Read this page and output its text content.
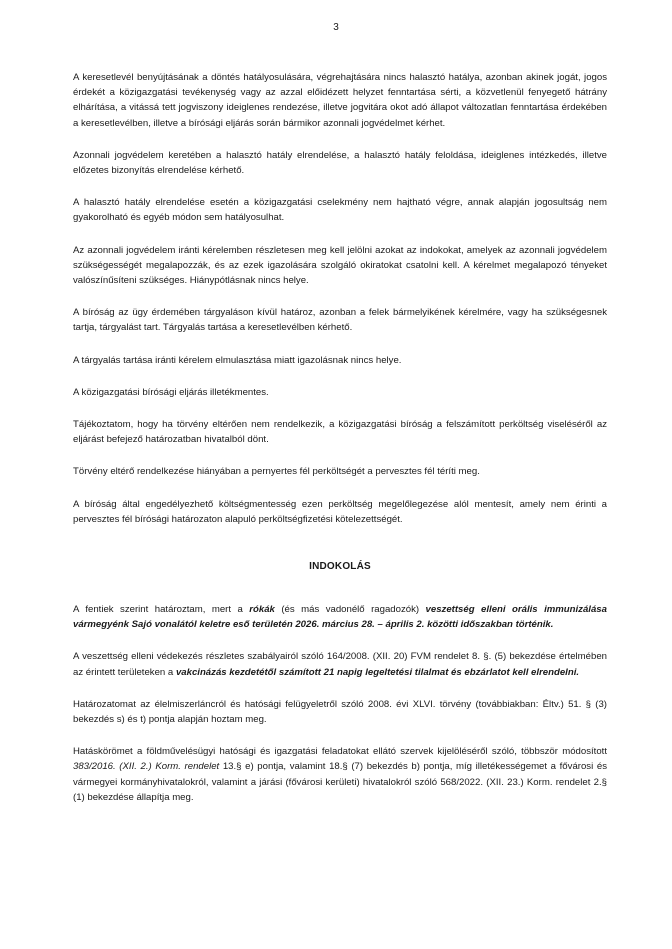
3

A keresetlevél benyújtásának a döntés hatályosulására, végrehajtására nincs halasztó hatálya, azonban akinek jogát, jogos érdekét a közigazgatási tevékenység vagy az azzal előidézett helyzet fenntartása sérti, a közvetlenül fenyegető hátrány elhárítása, a vitássá tett jogviszony ideiglenes rendezése, illetve jogvitára okot adó állapot változatlan fenntartása érdekében a keresetlevélben, illetve a bírósági eljárás során bármikor azonnali jogvédelmet kérhet.

Azonnali jogvédelem keretében a halasztó hatály elrendelése, a halasztó hatály feloldása, ideiglenes intézkedés, illetve előzetes bizonyítás elrendelése kérhető.

A halasztó hatály elrendelése esetén a közigazgatási cselekmény nem hajtható végre, annak alapján jogosultság nem gyakorolható és egyéb módon sem hatályosulhat.

Az azonnali jogvédelem iránti kérelemben részletesen meg kell jelölni azokat az indokokat, amelyek az azonnali jogvédelem szükségességét megalapozzák, és az ezek igazolására szolgáló okiratokat csatolni kell. A kérelmet megalapozó tényeket valószínűsíteni szükséges. Hiánypótlásnak nincs helye.

A bíróság az ügy érdemében tárgyaláson kívül határoz, azonban a felek bármelyikének kérelmére, vagy ha szükségesnek tartja, tárgyalást tart. Tárgyalás tartása a keresetlevélben kérhető.

A tárgyalás tartása iránti kérelem elmulasztása miatt igazolásnak nincs helye.

A közigazgatási bírósági eljárás illetékmentes.

Tájékoztatom, hogy ha törvény eltérően nem rendelkezik, a közigazgatási bíróság a felszámított perköltség viseléséről az eljárást befejező határozatban hivatalból dönt.

Törvény eltérő rendelkezése hiányában a pernyertes fél perköltségét a pervesztes fél téríti meg.

A bíróság által engedélyezhető költségmentesség ezen perköltség megelőlegezése alól mentesít, amely nem érinti a pervesztes fél bírósági határozaton alapuló perköltségfizetési kötelezettségét.

INDOKOLÁS

A fentiek szerint határoztam, mert a rókák (és más vadonélő ragadozók) veszettség elleni orális immunizálása vármegyénk Sajó vonalától keletre eső területén 2026. március 28. – április 2. közötti időszakban történik.

A veszettség elleni védekezés részletes szabályairól szóló 164/2008. (XII. 20) FVM rendelet 8. §. (5) bekezdése értelmében az érintett területeken a vakcinázás kezdetétől számított 21 napig legeltetési tilalmat és ebzárlatot kell elrendelni.

Határozatomat az élelmiszerláncról és hatósági felügyeletről szóló 2008. évi XLVI. törvény (továbbiakban: Éltv.) 51. § (3) bekezdés s) és t) pontja alapján hoztam meg.

Hatáskörömet a földművelésügyi hatósági és igazgatási feladatokat ellátó szervek kijelöléséről szóló, többször módosított 383/2016. (XII. 2.) Korm. rendelet 13.§ e) pontja, valamint 18.§ (7) bekezdés b) pontja, míg illetékességemet a fővárosi és vármegyei kormányhivatalokról, valamint a járási (fővárosi kerületi) hivatalokról szóló 568/2022. (XII. 23.) Korm. rendelet 2.§ (1) bekezdése állapítja meg.
